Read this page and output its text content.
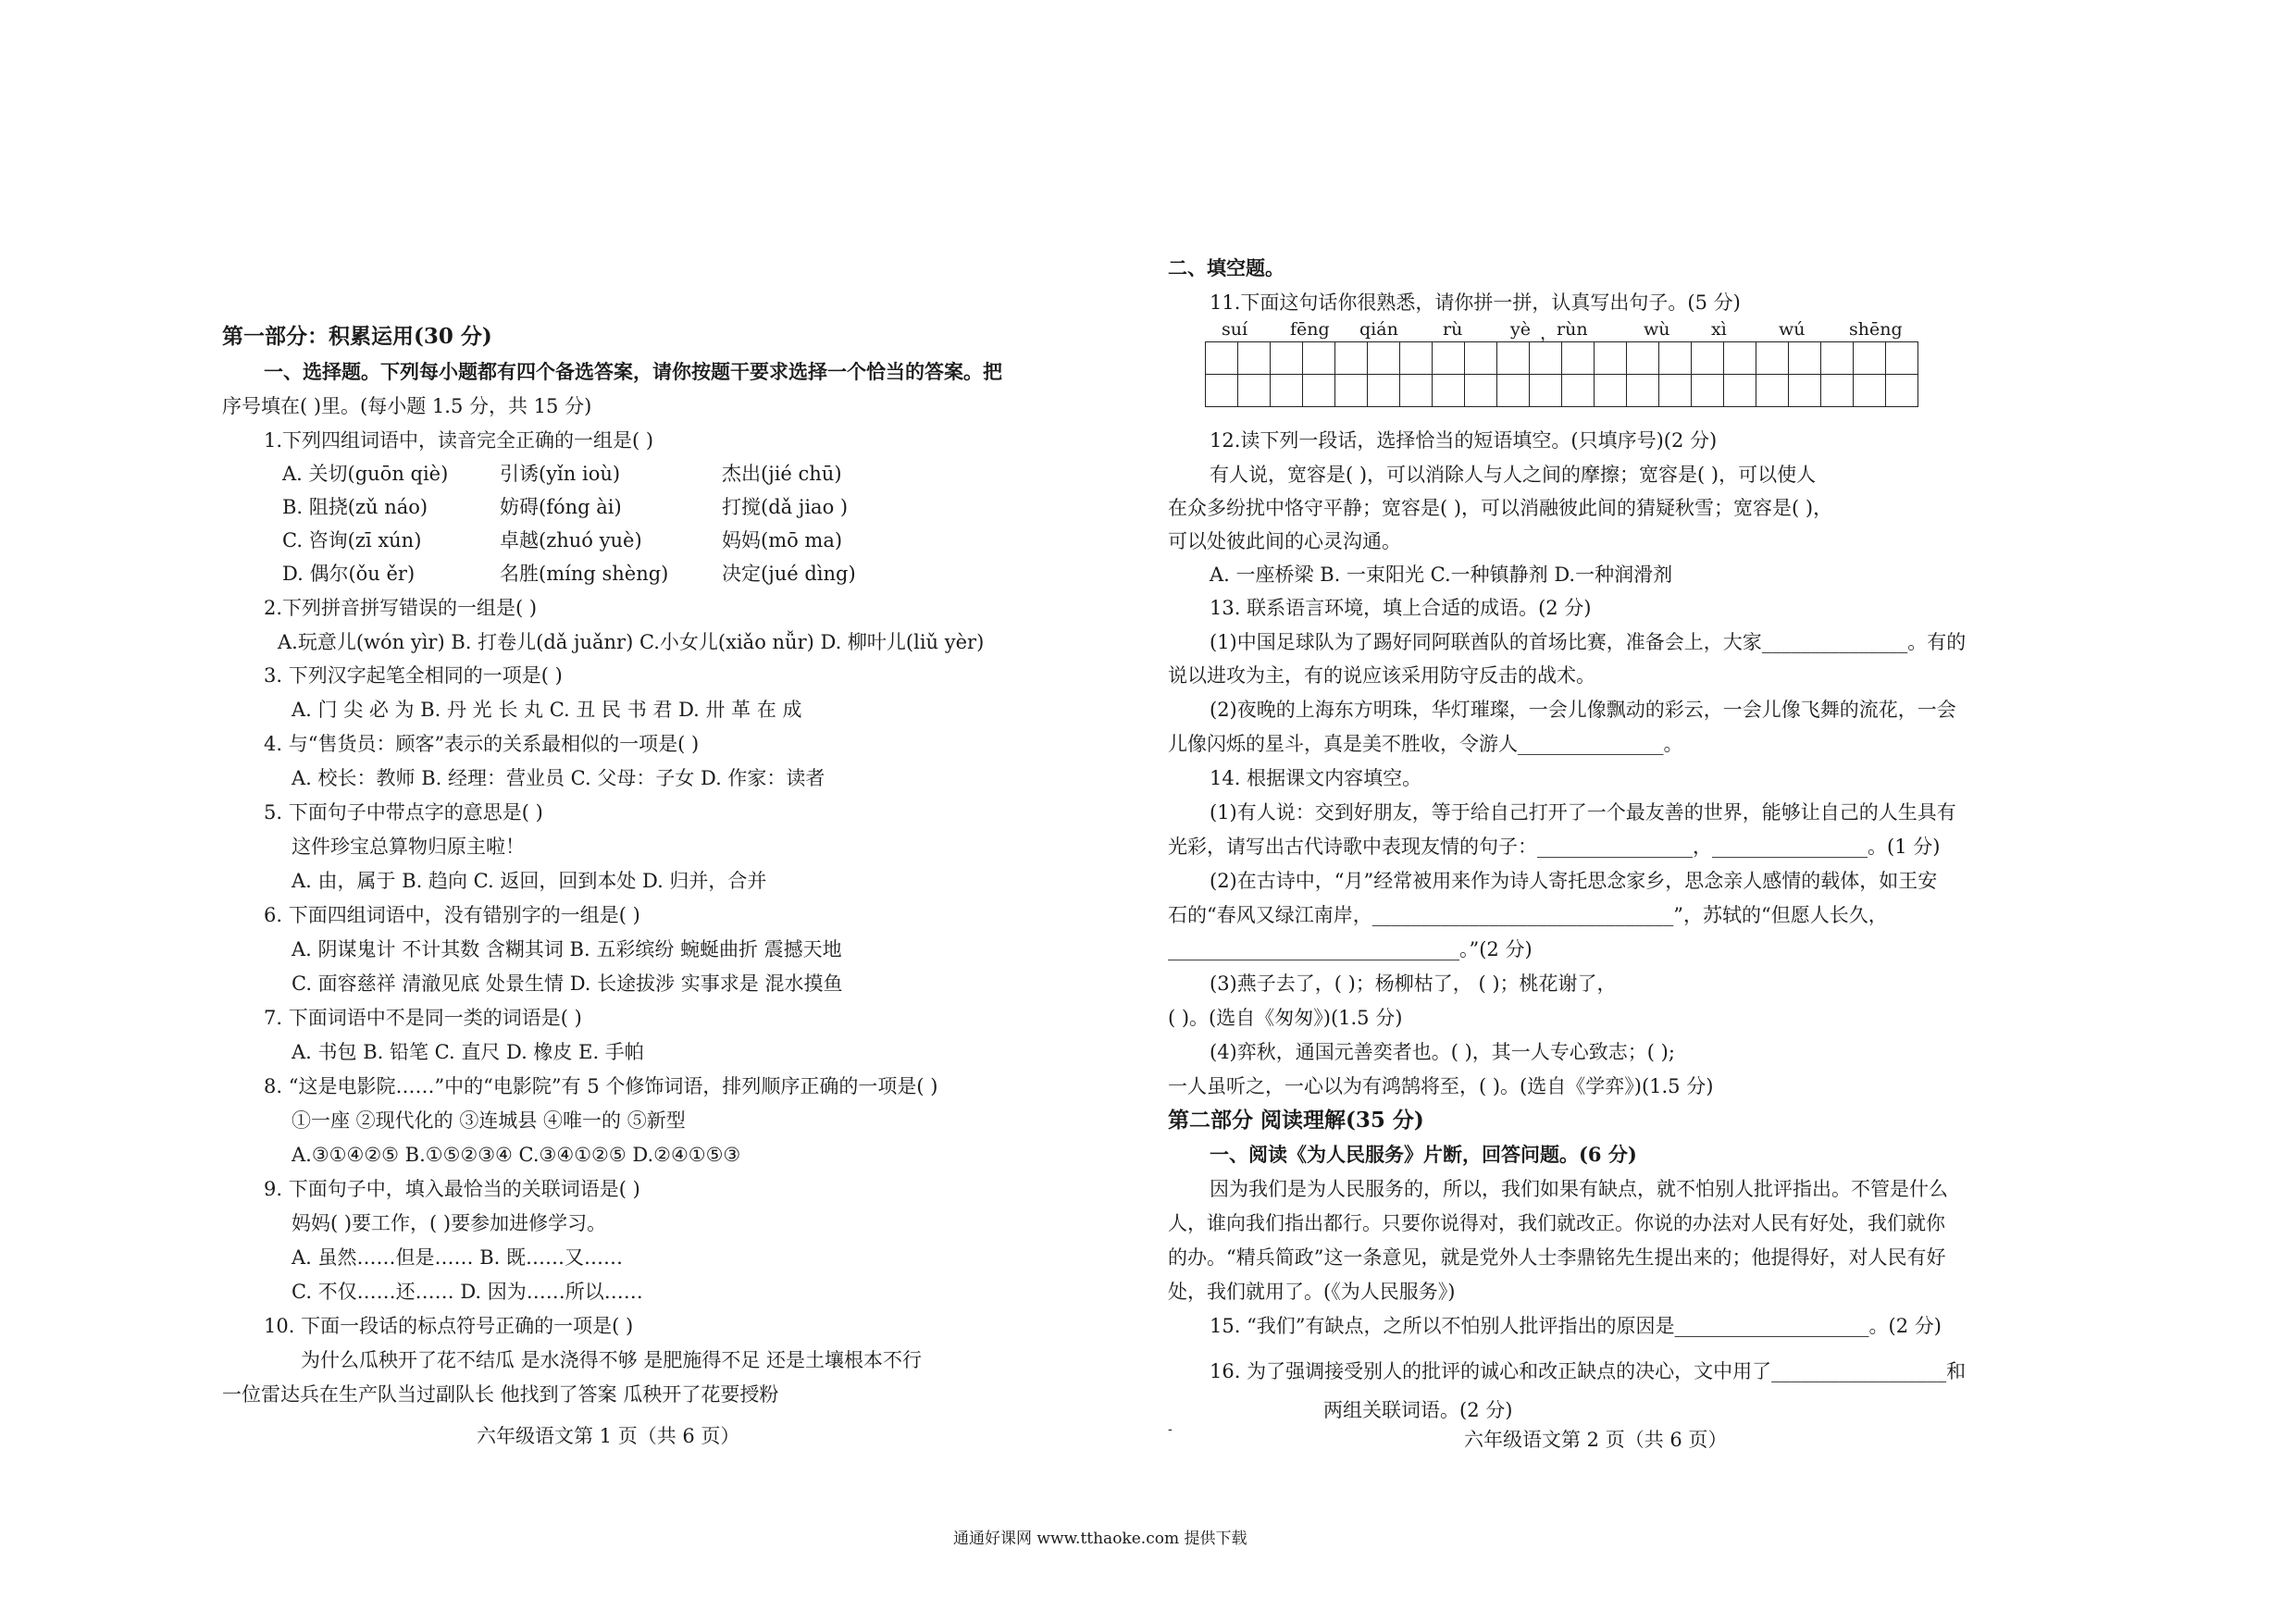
第一部分：积累运用(30 分)
一、选择题。下列每小题都有四个备选答案，请你按题干要求选择一个恰当的答案。把
序号填在( )里。(每小题 1.5 分，共 15 分)
1.下列四组词语中，读音完全正确的一组是( )
A. 关切(guōn qiè)	引诱(yǐn ioù)	杰出(jié chū)
B. 阻挠(zǔ náo)	妨碍(fóng ài)	打搅(dǎ jiao )
C. 咨询(zī xún)	卓越(zhuó yuè)	妈妈(mō ma)
D. 偶尔(ǒu ěr)	名胜(míng shèng)	决定(jué dìng)
2.下列拼音拼写错误的一组是( )
A.玩意儿(wón yìr) B. 打卷儿(dǎ juǎnr) C.小女儿(xiǎo nǚr) D. 柳叶儿(liǔ yèr)
3. 下列汉字起笔全相同的一项是( )
A. 门 尖 必 为 B. 丹 光 长 丸 C. 丑 民 书 君 D. 卅 革 在 成
4. 与“售货员：顾客”表示的关系最相似的一项是( )
A. 校长：教师 B. 经理：营业员 C. 父母：子女 D. 作家：读者
5. 下面句子中带点字的意思是( )
这件珍宝总算物归原主啦！
A. 由，属于 B. 趋向 C. 返回，回到本处 D. 归并，合并
6. 下面四组词语中，没有错别字的一组是( )
A. 阴谋鬼计 不计其数 含糊其词 B. 五彩缤纷 蜿蜒曲折 震撼天地
C. 面容慈祥 清澈见底 处景生情 D. 长途拔涉 实事求是 混水摸鱼
7. 下面词语中不是同一类的词语是( )
A. 书包 B. 铅笔 C. 直尺 D. 橡皮 E. 手帕
8. “这是电影院……”中的“电影院”有 5 个修饰词语，排列顺序正确的一项是( )
①一座 ②现代化的 ③连城县 ④唯一的 ⑤新型
A.③①④②⑤ B.①⑤②③④ C.③④①②⑤ D.②④①⑤③
9. 下面句子中，填入最恰当的关联词语是( )
妈妈( )要工作，( )要参加进修学习。
A. 虽然……但是…… B. 既……又……
C. 不仅……还…… D. 因为……所以……
10. 下面一段话的标点符号正确的一项是( )
为什么瓜秧开了花不结瓜 是水浇得不够 是肥施得不足 还是土壤根本不行
一位雷达兵在生产队当过副队长 他找到了答案 瓜秧开了花要授粉
六年级语文第 1 页（共 6 页）
二、填空题。
11.下面这句话你很熟悉，请你拼一拼，认真写出句子。(5 分)
suí fēng qián	rù	yè ，
rùn	wù xì	wú	shēng

12.读下列一段话，选择恰当的短语填空。(只填序号)(2 分)
有人说，宽容是( )，可以消除人与人之间的摩擦；宽容是( )，可以使人
在众多纷扰中恪守平静；宽容是( )，可以消融彼此间的猜疑秋雪；宽容是( )，
可以处彼此间的心灵沟通。
A. 一座桥梁 B. 一束阳光 C.一种镇静剂 D.一种润滑剂
13. 联系语言环境，填上合适的成语。(2 分)
(1)中国足球队为了踢好同阿联酋队的首场比赛，准备会上，大家_______________。有的
说以进攻为主，有的说应该采用防守反击的战术。
(2)夜晚的上海东方明珠，华灯璀璨，一会儿像飘动的彩云，一会儿像飞舞的流花，一会
儿像闪烁的星斗，真是美不胜收，令游人_______________。
14. 根据课文内容填空。
(1)有人说：交到好朋友，等于给自己打开了一个最友善的世界，能够让自己的人生具有
光彩，请写出古代诗歌中表现友情的句子：________________，________________。(1 分)
(2)在古诗中，“月”经常被用来作为诗人寄托思念家乡，思念亲人感情的载体，如王安
石的“春风又绿江南岸，_______________________________”，苏轼的“但愿人长久，
______________________________。”(2 分)
(3)燕子去了，( )；杨柳枯了， ( )；桃花谢了，
( )。(选自《匆匆》)(1.5 分)
(4)弈秋，通国元善奕者也。( )，其一人专心致志；( );
一人虽听之，一心以为有鸿鹄将至，( )。(选自《学弈》)(1.5 分)
第二部分 阅读理解(35 分)
一、阅读《为人民服务》片断，回答问题。(6 分)
因为我们是为人民服务的，所以，我们如果有缺点，就不怕别人批评指出。不管是什么
人，谁向我们指出都行。只要你说得对，我们就改正。你说的办法对人民有好处，我们就你
的办。“精兵简政”这一条意见，就是党外人士李鼎铭先生提出来的；他提得好，对人民有好
处，我们就用了。(《为人民服务》)
15. “我们”有缺点，之所以不怕别人批评指出的原因是____________________。(2 分)
16. 为了强调接受别人的批评的诚心和改正缺点的决心，文中用了__________________和
两组关联词语。(2 分)
六年级语文第 2 页（共 6 页）
-
通通好课网 www.tthaoke.com 提供下载
